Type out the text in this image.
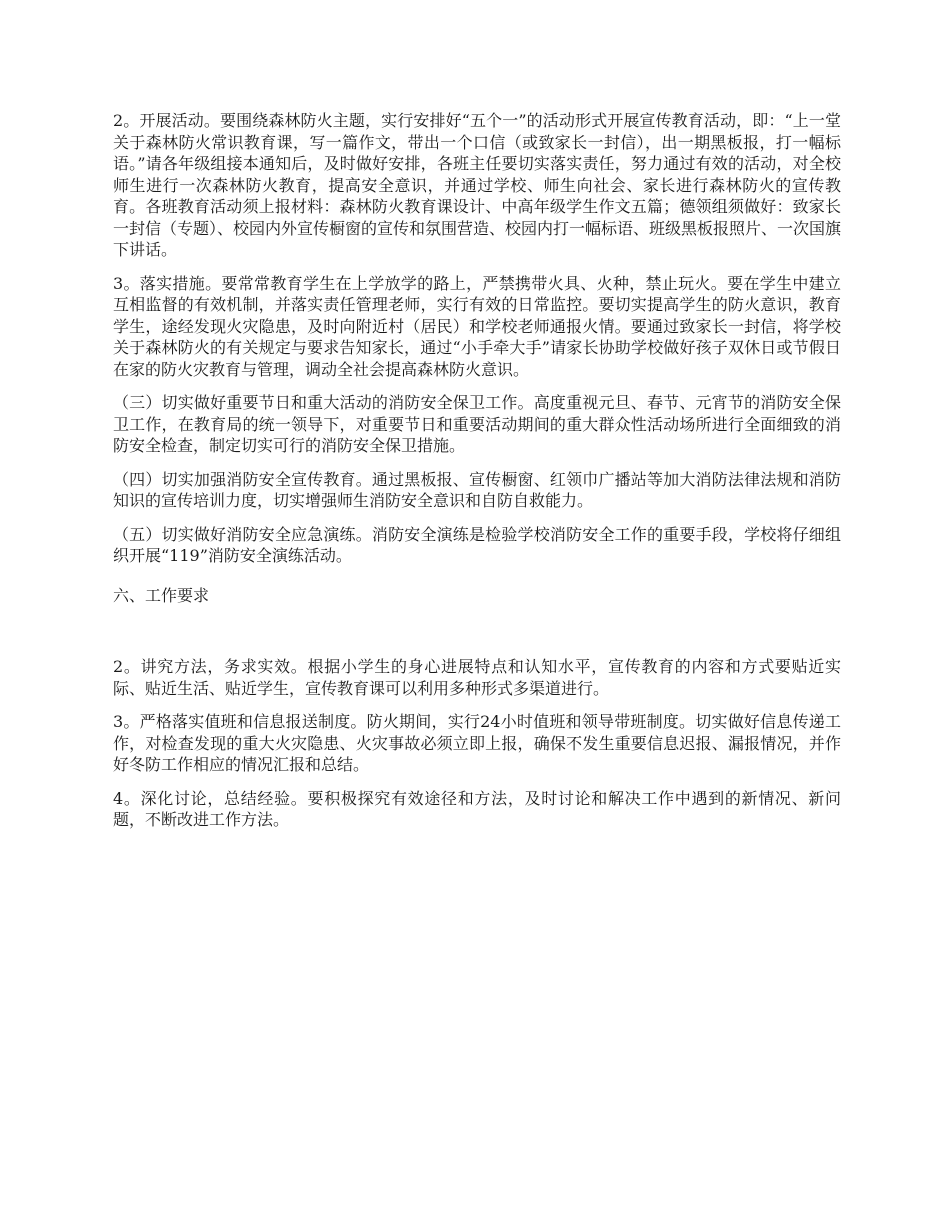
2。开展活动。要围绕森林防火主题，实行安排好“五个一”的活动形式开展宣传教育活动，即：“上一堂关于森林防火常识教育课，写一篇作文，带出一个口信（或致家长一封信），出一期黑板报，打一幅标语。”请各年级组接本通知后，及时做好安排，各班主任要切实落实责任，努力通过有效的活动，对全校师生进行一次森林防火教育，提高安全意识，并通过学校、师生向社会、家长进行森林防火的宣传教育。各班教育活动须上报材料：森林防火教育课设计、中高年级学生作文五篇；德领组须做好：致家长一封信（专题）、校园内外宣传橱窗的宣传和氛围营造、校园内打一幅标语、班级黑板报照片、一次国旗下讲话。

3。落实措施。要常常教育学生在上学放学的路上，严禁携带火具、火种，禁止玩火。要在学生中建立互相监督的有效机制，并落实责任管理老师，实行有效的日常监控。要切实提高学生的防火意识，教育学生，途经发现火灾隐患，及时向附近村（居民）和学校老师通报火情。要通过致家长一封信，将学校关于森林防火的有关规定与要求告知家长，通过“小手牵大手”请家长协助学校做好孩子双休日或节假日在家的防火灾教育与管理，调动全社会提高森林防火意识。

（三）切实做好重要节日和重大活动的消防安全保卫工作。高度重视元旦、春节、元宵节的消防安全保卫工作，在教育局的统一领导下，对重要节日和重要活动期间的重大群众性活动场所进行全面细致的消防安全检查，制定切实可行的消防安全保卫措施。

（四）切实加强消防安全宣传教育。通过黑板报、宣传橱窗、红领巾广播站等加大消防法律法规和消防知识的宣传培训力度，切实增强师生消防安全意识和自防自救能力。

（五）切实做好消防安全应急演练。消防安全演练是检验学校消防安全工作的重要手段，学校将仔细组织开展“119”消防安全演练活动。

六、工作要求

2。讲究方法，务求实效。根据小学生的身心进展特点和认知水平，宣传教育的内容和方式要贴近实际、贴近生活、贴近学生，宣传教育课可以利用多种形式多渠道进行。

3。严格落实值班和信息报送制度。防火期间，实行24小时值班和领导带班制度。切实做好信息传递工作，对检查发现的重大火灾隐患、火灾事故必须立即上报，确保不发生重要信息迟报、漏报情况，并作好冬防工作相应的情况汇报和总结。

4。深化讨论，总结经验。要积极探究有效途径和方法，及时讨论和解决工作中遇到的新情况、新问题，不断改进工作方法。
